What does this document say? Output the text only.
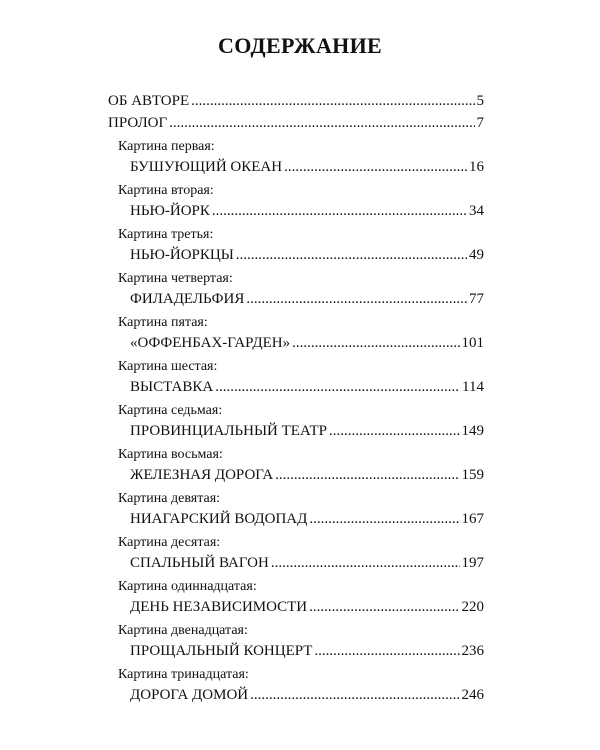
СОДЕРЖАНИЕ
ОБ АВТОРЕ .....	5
ПРОЛОГ .....	7
Картина первая:
БУШУЮЩИЙ ОКЕАН .....	16
Картина вторая:
НЬЮ-ЙОРК .....	34
Картина третья:
НЬЮ-ЙОРКЦЫ .....	49
Картина четвертая:
ФИЛАДЕЛЬФИЯ .....	77
Картина пятая:
«ОФФЕНБАХ-ГАРДЕН» .....	101
Картина шестая:
ВЫСТАВКА .....	114
Картина седьмая:
ПРОВИНЦИАЛЬНЫЙ ТЕАТР .....	149
Картина восьмая:
ЖЕЛЕЗНАЯ ДОРОГА .....	159
Картина девятая:
НИАГАРСКИЙ ВОДОПАД .....	167
Картина десятая:
СПАЛЬНЫЙ ВАГОН .....	197
Картина одиннадцатая:
ДЕНЬ НЕЗАВИСИМОСТИ .....	220
Картина двенадцатая:
ПРОЩАЛЬНЫЙ КОНЦЕРТ .....	236
Картина тринадцатая:
ДОРОГА ДОМОЙ .....	246
